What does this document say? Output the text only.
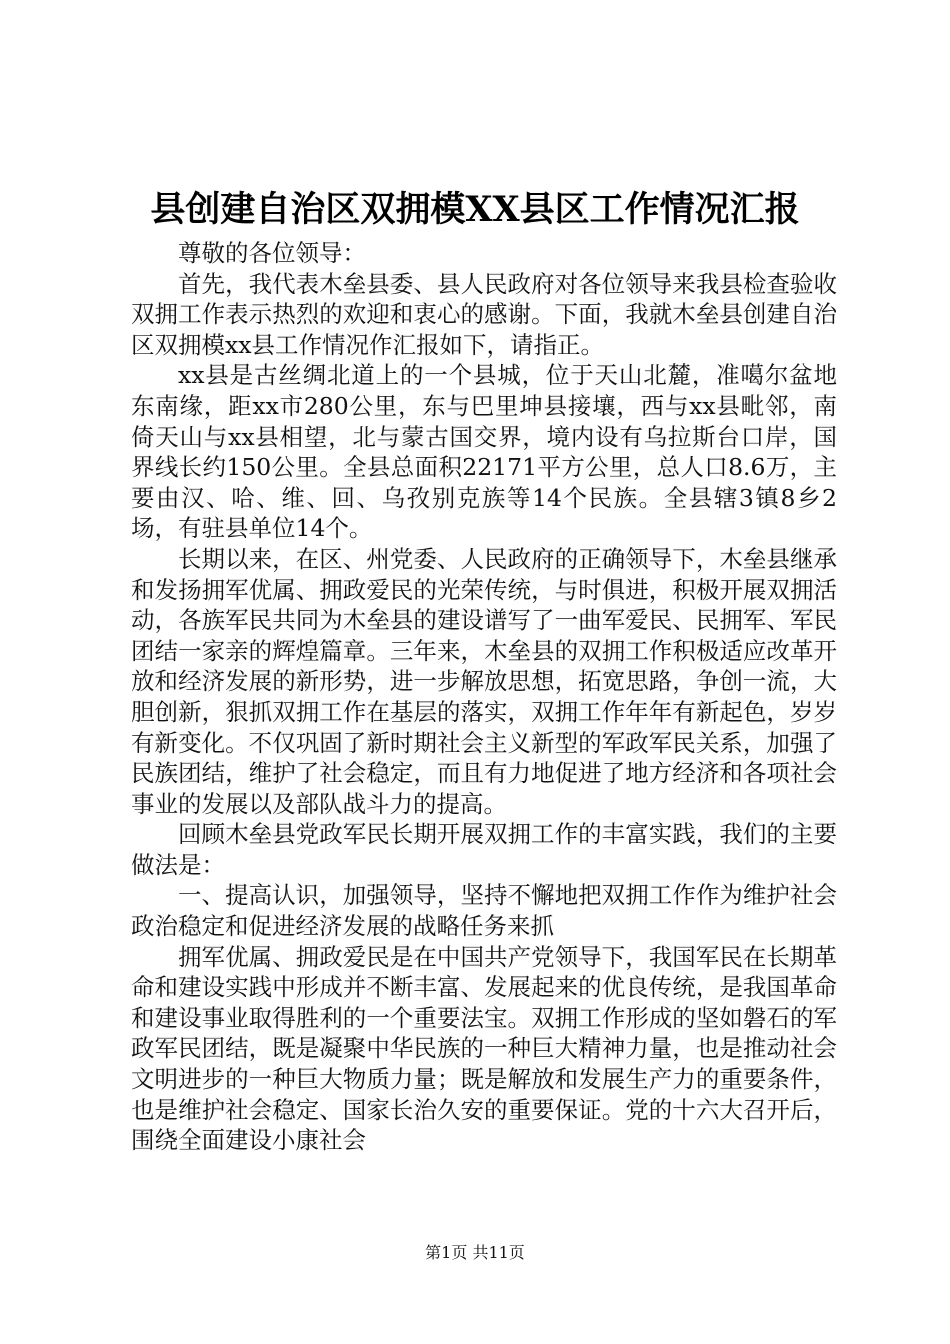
县创建自治区双拥模XX县区工作情况汇报

尊敬的各位领导：

首先，我代表木垒县委、县人民政府对各位领导来我县检查验收双拥工作表示热烈的欢迎和衷心的感谢。下面，我就木垒县创建自治区双拥模xx县工作情况作汇报如下，请指正。

xx县是古丝绸北道上的一个县城，位于天山北麓，准噶尔盆地东南缘，距xx市280公里，东与巴里坤县接壤，西与xx县毗邻，南倚天山与xx县相望，北与蒙古国交界，境内设有乌拉斯台口岸，国界线长约150公里。全县总面积22171平方公里，总人口8.6万，主要由汉、哈、维、回、乌孜别克族等14个民族。全县辖3镇8乡2场，有驻县单位14个。

长期以来，在区、州党委、人民政府的正确领导下，木垒县继承和发扬拥军优属、拥政爱民的光荣传统，与时俱进，积极开展双拥活动，各族军民共同为木垒县的建设谱写了一曲军爱民、民拥军、军民团结一家亲的辉煌篇章。三年来，木垒县的双拥工作积极适应改革开放和经济发展的新形势，进一步解放思想，拓宽思路，争创一流，大胆创新，狠抓双拥工作在基层的落实，双拥工作年年有新起色，岁岁有新变化。不仅巩固了新时期社会主义新型的军政军民关系，加强了民族团结，维护了社会稳定，而且有力地促进了地方经济和各项社会事业的发展以及部队战斗力的提高。

回顾木垒县党政军民长期开展双拥工作的丰富实践，我们的主要做法是：

一、提高认识，加强领导，坚持不懈地把双拥工作作为维护社会政治稳定和促进经济发展的战略任务来抓

拥军优属、拥政爱民是在中国共产党领导下，我国军民在长期革命和建设实践中形成并不断丰富、发展起来的优良传统，是我国革命和建设事业取得胜利的一个重要法宝。双拥工作形成的坚如磐石的军政军民团结，既是凝聚中华民族的一种巨大精神力量，也是推动社会文明进步的一种巨大物质力量；既是解放和发展生产力的重要条件，也是维护社会稳定、国家长治久安的重要保证。党的十六大召开后，围绕全面建设小康社会

第1页 共11页
